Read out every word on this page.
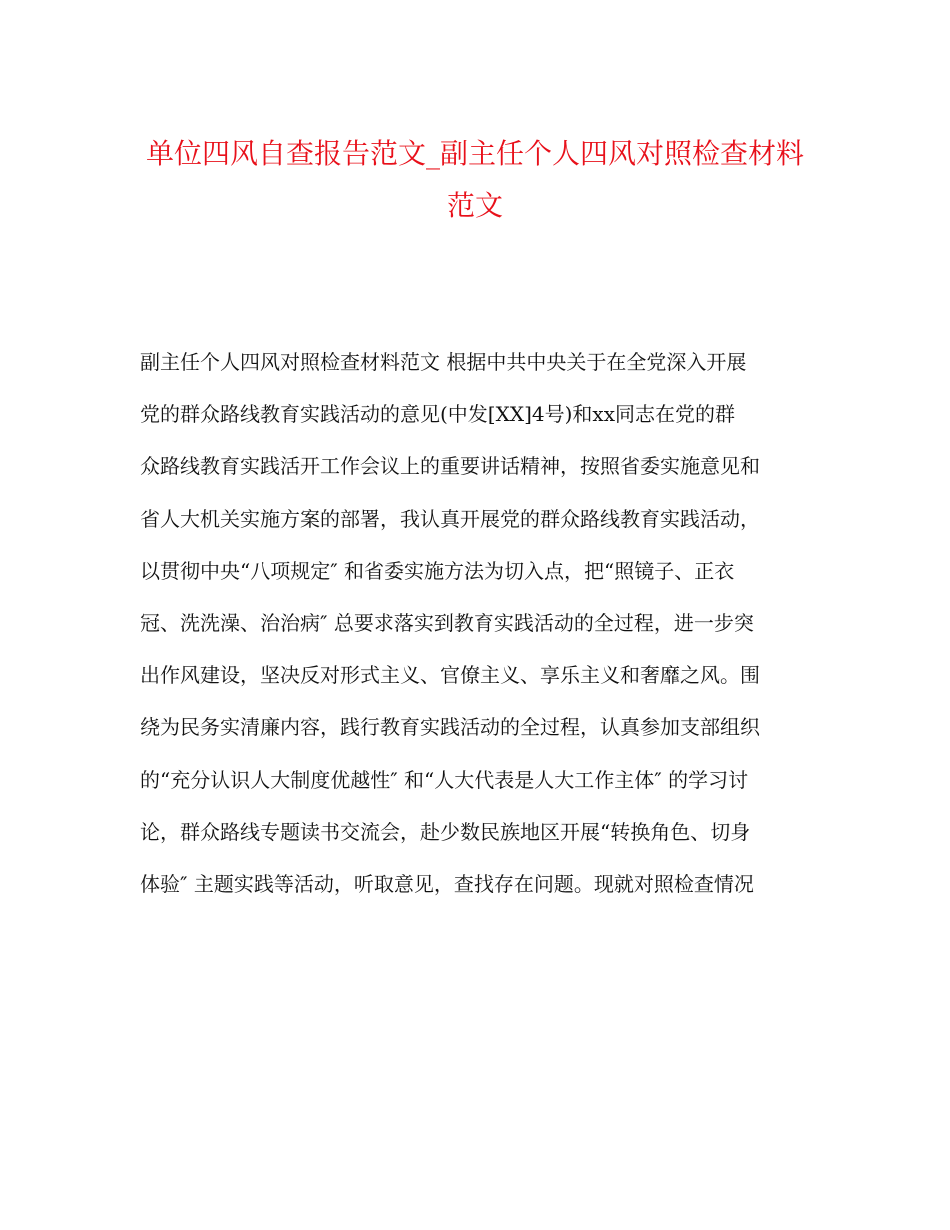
单位四风自查报告范文_副主任个人四风对照检查材料
范文
副主任个人四风对照检查材料范文 根据中共中央关于在全党深入开展
党的群众路线教育实践活动的意见(中发[XX]4号)和xx同志在党的群
众路线教育实践活开工作会议上的重要讲话精神，按照省委实施意见和
省人大机关实施方案的部署，我认真开展党的群众路线教育实践活动，
以贯彻中央“八项规定″ 和省委实施方法为切入点，把“照镜子、正衣
冠、洗洗澡、治治病″ 总要求落实到教育实践活动的全过程，进一步突
出作风建设，坚决反对形式主义、官僚主义、享乐主义和奢靡之风。围
绕为民务实清廉内容，践行教育实践活动的全过程，认真参加支部组织
的“充分认识人大制度优越性″ 和“人大代表是人大工作主体″ 的学习讨
论，群众路线专题读书交流会，赴少数民族地区开展“转换角色、切身
体验″ 主题实践等活动，听取意见，查找存在问题。现就对照检查情况
